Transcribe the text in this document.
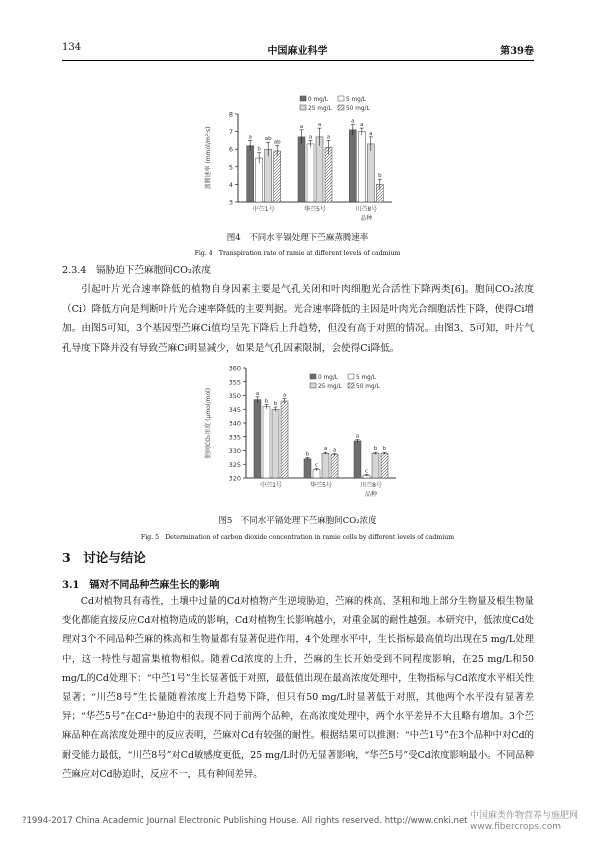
134	中国麻业科学	第39卷
3
4
5
6
7
8
蒸腾速率 (mmol/m²·s)	a
b
ab
ab
中苎1号
a
a
a
a
华苎5号
a
a
a
b
川苎8号
品种
0 mg/L	5 mg/L
25 mg/L 50 mg/L
图4　不同水平镉处理下苎麻蒸腾速率
Fig. 4　Transpiration rate of ramie at different levels of cadmium
2.3.4　镉胁迫下苎麻胞间CO₂浓度

引起叶片光合速率降低的植物自身因素主要是气孔关闭和叶肉细胞光合活性下降两类[6]。胞间CO₂浓度（Ci）降低方向是判断叶片光合速率降低的主要判据。光合速率降低的主因是叶肉光合细胞活性下降，使得Ci增加。由图5可知，3个基因型苎麻Ci值均呈先下降后上升趋势，但没有高于对照的情况。由图3、5可知，叶片气孔导度下降并没有导致苎麻Ci明显减少，如果是气孔因素限制，会使得Ci降低。

320
325
330
335
340
345
350
355
360
胞间CO₂浓度 (μmol/mol)	a
b b
a
中苎1号
b
c
a a
华苎5号
a
c
b b
川苎8号
品种
0 mg/L	5 mg/L
25 mg/L 50 mg/L
图5　不同水平镉处理下苎麻胞间CO₂浓度
Fig. 5　Determination of carbon dioxide concentration in ramie cells by different levels of cadmium
3　讨论与结论
3.1　镉对不同品种苎麻生长的影响

Cd对植物具有毒性，土壤中过量的Cd对植物产生逆境胁迫，苎麻的株高、茎粗和地上部分生物量及根生物量变化都能直接反应Cd对植物造成的影响，Cd对植物生长影响越小，对重金属的耐性越强。本研究中，低浓度Cd处理对3个不同品种苎麻的株高和生物量都有显著促进作用，4个处理水平中，生长指标最高值均出现在5 mg/L处理中，这一特性与超富集植物相似。随着Cd浓度的上升，苎麻的生长开始受到不同程度影响，在25 mg/L和50 mg/L的Cd处理下：“中苎1号”生长显著低于对照，最低值出现在最高浓度处理中，生物指标与Cd浓度水平相关性显著；“川苎8号”生长量随着浓度上升趋势下降，但只有50 mg/L时显著低于对照，其他两个水平没有显著差异；“华苎5号”在Cd²⁺胁迫中的表现不同于前两个品种，在高浓度处理中，两个水平差异不大且略有增加。3个苎麻品种在高浓度处理中的反应表明，苎麻对Cd有较强的耐性。根据结果可以推测：“中苎1号”在3个品种中对Cd的耐受能力最低，“川苎8号”对Cd敏感度更低，25 mg/L时仍无显著影响，“华苎5号”受Cd浓度影响最小。不同品种苎麻应对Cd胁迫时，反应不一，具有种间差异。

?1994-2017 China Academic Journal Electronic Publishing House. All rights reserved. http://www.cnki.net 中国麻类作物营养与施肥网
www.fibercrops.com
